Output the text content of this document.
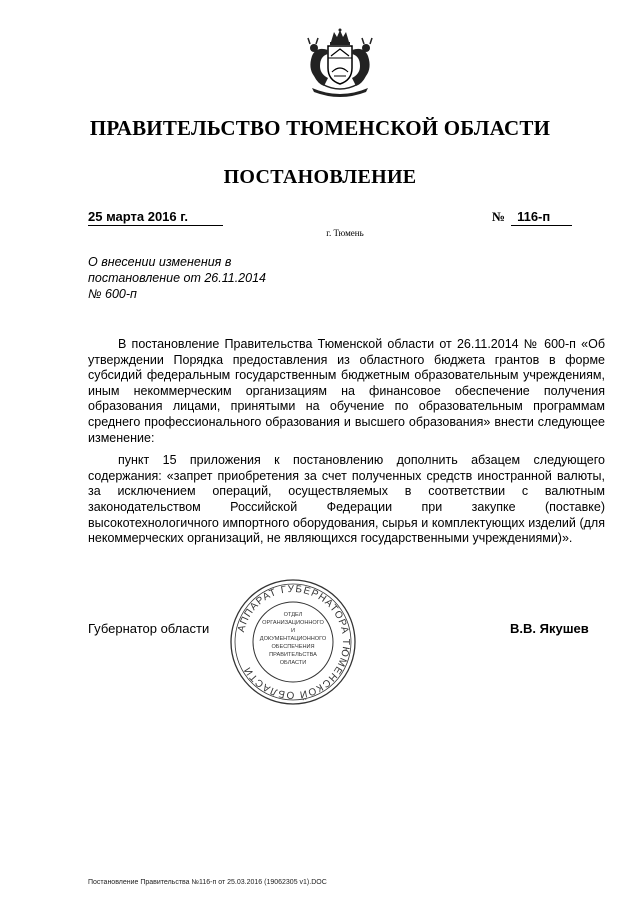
ПРАВИТЕЛЬСТВО ТЮМЕНСКОЙ ОБЛАСТИ
ПОСТАНОВЛЕНИЕ
25 марта 2016 г.	№ 116-п
г. Тюмень
О внесении изменения в
постановление от 26.11.2014
№ 600-п

В постановление Правительства Тюменской области от 26.11.2014 № 600-п «Об утверждении Порядка предоставления из областного бюджета грантов в форме субсидий федеральным государственным бюджетным образовательным учреждениям, иным некоммерческим организациям на финансовое обеспечение получения образования лицами, принятыми на обучение по образовательным программам среднего профессионального образования и высшего образования» внести следующее изменение:

пункт 15 приложения к постановлению дополнить абзацем следующего содержания: «запрет приобретения за счет полученных средств иностранной валюты, за исключением операций, осуществляемых в соответствии с валютным законодательством Российской Федерации при закупке (поставке) высокотехнологичного импортного оборудования, сырья и комплектующих изделий (для некоммерческих организаций, не являющихся государственными учреждениями)».

Губернатор области	В.В. Якушев
АППАРАТ ГУБЕРНАТОРА ТЮМЕНСКОЙ ОБЛАСТИ
ОТДЕЛ
ОРГАНИЗАЦИОННОГО
И
ДОКУМЕНТАЦИОННОГО
ОБЕСПЕЧЕНИЯ
ПРАВИТЕЛЬСТВА
ОБЛАСТИ
Постановление Правительства №116-п от 25.03.2016 (19062305 v1).DOC
